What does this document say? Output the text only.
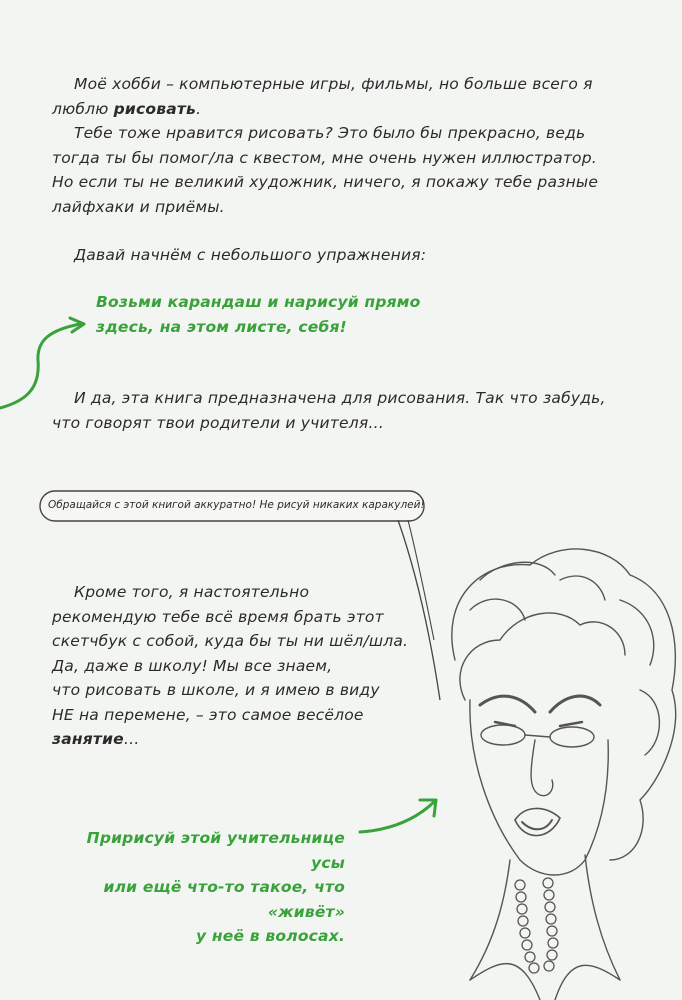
Моё хобби – компьютерные игры, фильмы, но больше всего я люблю рисовать.

Тебе тоже нравится рисовать? Это было бы прекрасно, ведь тогда ты бы помог/ла с квестом, мне очень нужен иллюстратор. Но если ты не великий художник, ничего, я покажу тебе разные лайфхаки и приёмы.

Давай начнём с небольшого упражнения:

Возьми карандаш и нарисуй прямо

здесь, на этом листе, себя!

И да, эта книга предназначена для рисования. Так что забудь, что говорят твои родители и учителя…

Обращайся с этой книгой аккуратно! Не рисуй никаких каракулей!

Кроме того, я настоятельно

рекомендую тебе всё время брать этот

скетчбук с собой, куда бы ты ни шёл/шла.

Да, даже в школу! Мы все знаем,

что рисовать в школе, и я имею в виду

НЕ на перемене, – это самое весёлое

занятие…

Пририсуй этой учительнице усы

или ещё что-то такое, что «живёт»

у неё в волосах.
